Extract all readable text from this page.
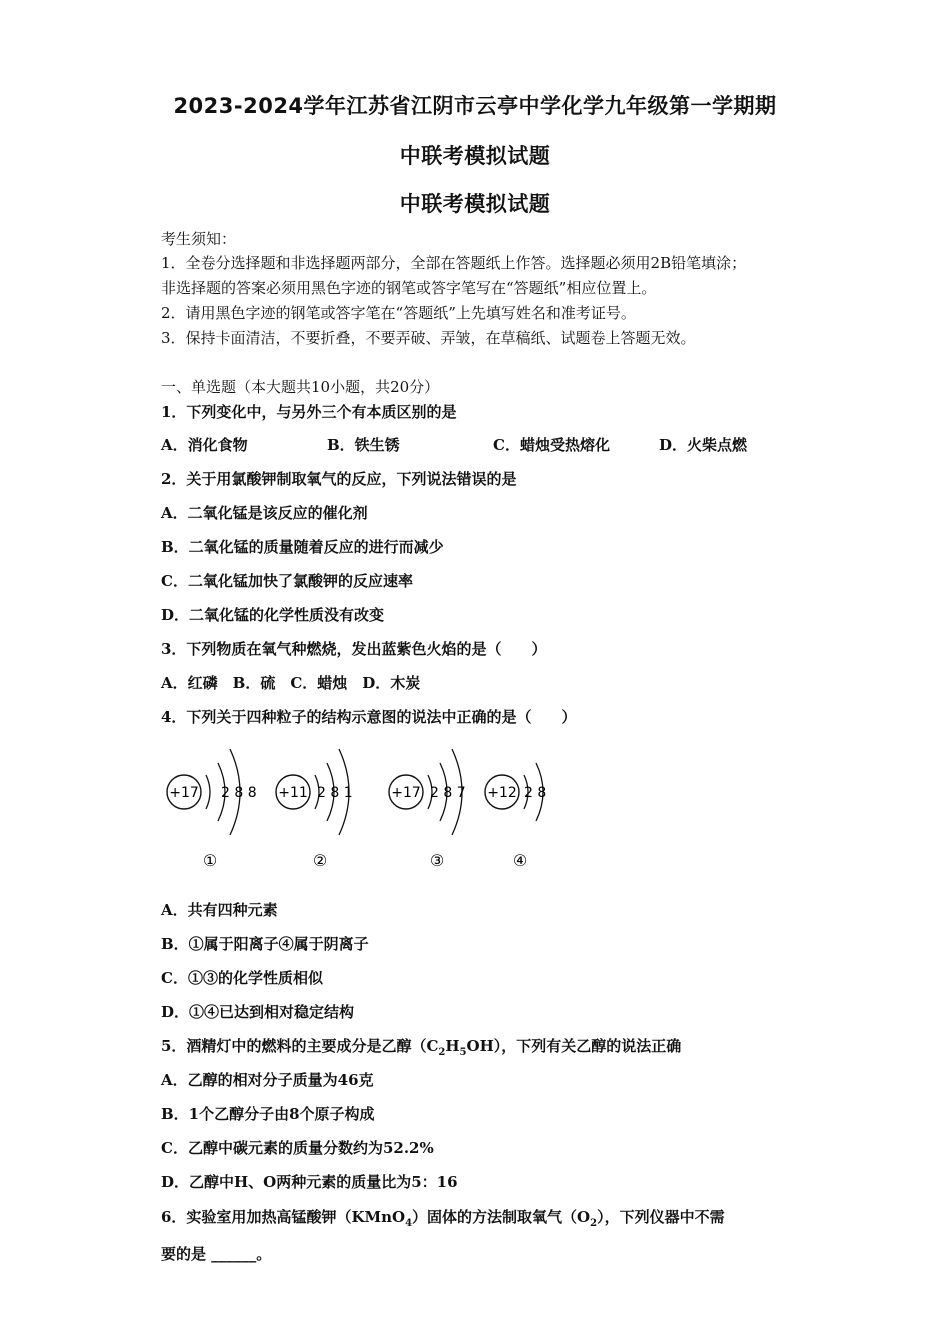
2023-2024学年江苏省江阴市云亭中学化学九年级第一学期期
中联考模拟试题
中联考模拟试题
考生须知：
1．全卷分选择题和非选择题两部分，全部在答题纸上作答。选择题必须用2B铅笔填涂；
非选择题的答案必须用黑色字迹的钢笔或答字笔写在“答题纸”相应位置上。
2．请用黑色字迹的钢笔或答字笔在“答题纸”上先填写姓名和准考证号。
3．保持卡面清洁，不要折叠，不要弄破、弄皱，在草稿纸、试题卷上答题无效。
一、单选题（本大题共10小题，共20分）
1．下列变化中，与另外三个有本质区别的是
A．消化食物	B．铁生锈	C．蜡烛受热熔化	D．火柴点燃
2．关于用氯酸钾制取氧气的反应，下列说法错误的是
A．二氧化锰是该反应的催化剂
B．二氧化锰的质量随着反应的进行而减少
C．二氧化锰加快了氯酸钾的反应速率
D．二氧化锰的化学性质没有改变
3．下列物质在氧气种燃烧，发出蓝紫色火焰的是（　　）
A．红磷　B．硫　C．蜡烛　D．木炭
4．下列关于四种粒子的结构示意图的说法中正确的是（　　）
+17 2 8 8
①
+11 2 8 1
②
+17 2 8 7
③
+12 2 8
④
A．共有四种元素
B．①属于阳离子④属于阴离子
C．①③的化学性质相似
D．①④已达到相对稳定结构
5．酒精灯中的燃料的主要成分是乙醇$(C_2H_5OH)$，下列有关乙醇的说法正确
A．乙醇的相对分子质量为46克
B．1个乙醇分子由8个原子构成
C．乙醇中碳元素的质量分数约为52.2%
D．乙醇中H、O两种元素的质量比为5：16
6．实验室用加热高锰酸钾（KMnO$_4$）固体的方法制取氧气$(O_2)$，下列仪器中不需
要的是 ______。
